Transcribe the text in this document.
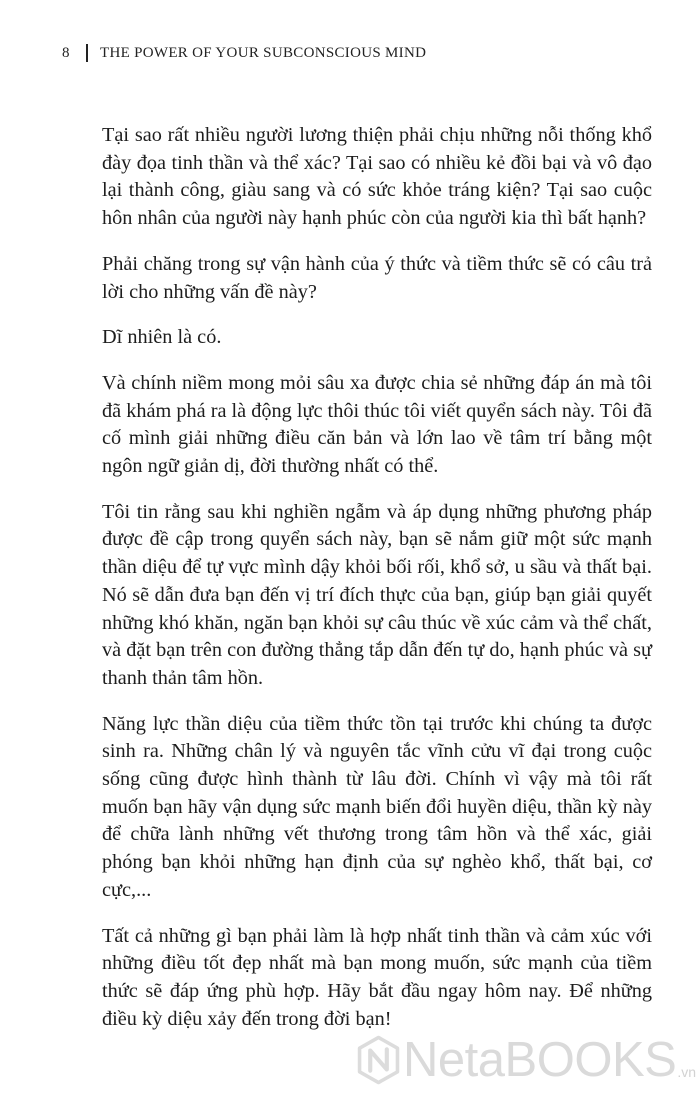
8	THE POWER OF YOUR SUBCONSCIOUS MIND

Tại sao rất nhiều người lương thiện phải chịu những nỗi thống khổ đày đọa tinh thần và thể xác? Tại sao có nhiều kẻ đồi bại và vô đạo lại thành công, giàu sang và có sức khỏe tráng kiện? Tại sao cuộc hôn nhân của người này hạnh phúc còn của người kia thì bất hạnh?

Phải chăng trong sự vận hành của ý thức và tiềm thức sẽ có câu trả lời cho những vấn đề này?

Dĩ nhiên là có.

Và chính niềm mong mỏi sâu xa được chia sẻ những đáp án mà tôi đã khám phá ra là động lực thôi thúc tôi viết quyển sách này. Tôi đã cố mình giải những điều căn bản và lớn lao về tâm trí bằng một ngôn ngữ giản dị, đời thường nhất có thể.

Tôi tin rằng sau khi nghiền ngẫm và áp dụng những phương pháp được đề cập trong quyển sách này, bạn sẽ nắm giữ một sức mạnh thần diệu để tự vực mình dậy khỏi bối rối, khổ sở, u sầu và thất bại. Nó sẽ dẫn đưa bạn đến vị trí đích thực của bạn, giúp bạn giải quyết những khó khăn, ngăn bạn khỏi sự câu thúc về xúc cảm và thể chất, và đặt bạn trên con đường thẳng tắp dẫn đến tự do, hạnh phúc và sự thanh thản tâm hồn.

Năng lực thần diệu của tiềm thức tồn tại trước khi chúng ta được sinh ra. Những chân lý và nguyên tắc vĩnh cửu vĩ đại trong cuộc sống cũng được hình thành từ lâu đời. Chính vì vậy mà tôi rất muốn bạn hãy vận dụng sức mạnh biến đổi huyền diệu, thần kỳ này để chữa lành những vết thương trong tâm hồn và thể xác, giải phóng bạn khỏi những hạn định của sự nghèo khổ, thất bại, cơ cực,...

Tất cả những gì bạn phải làm là hợp nhất tinh thần và cảm xúc với những điều tốt đẹp nhất mà bạn mong muốn, sức mạnh của tiềm thức sẽ đáp ứng phù hợp. Hãy bắt đầu ngay hôm nay. Để những điều kỳ diệu xảy đến trong đời bạn!

NetaBOOKS .vn
